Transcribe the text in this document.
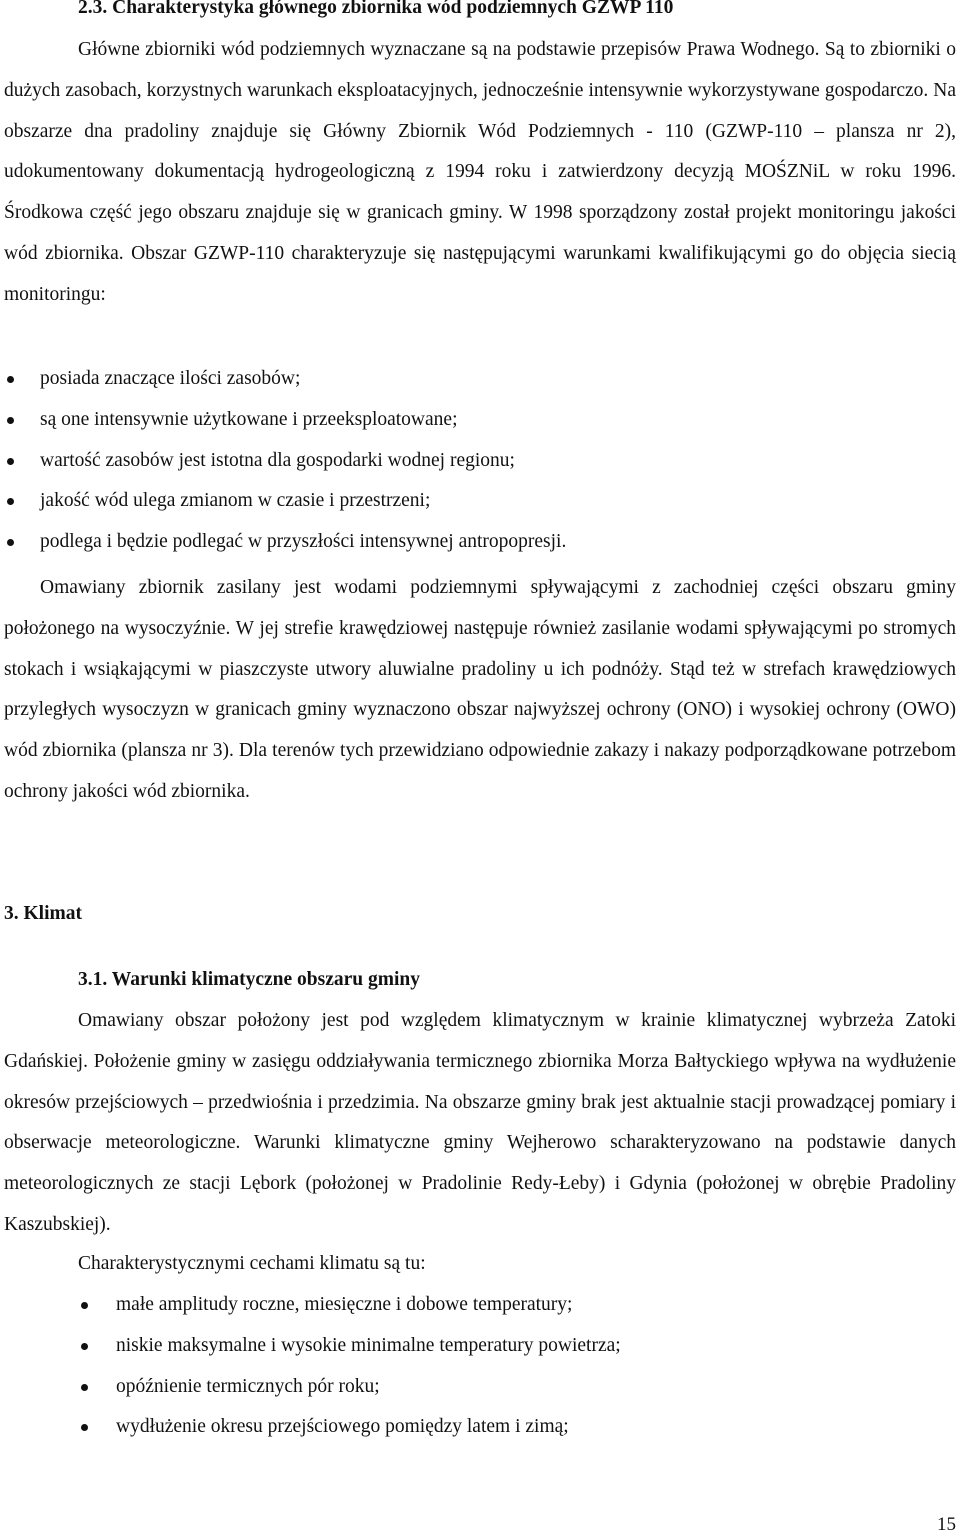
2.3. Charakterystyka głównego zbiornika wód podziemnych GZWP 110

Główne zbiorniki wód podziemnych wyznaczane są na podstawie przepisów Prawa Wodnego. Są to zbiorniki o dużych zasobach, korzystnych warunkach eksploatacyjnych, jednocześnie intensywnie wykorzystywane gospodarczo. Na obszarze dna pradoliny znajduje się Główny Zbiornik Wód Podziemnych - 110 (GZWP-110 – plansza nr 2), udokumentowany dokumentacją hydrogeologiczną z 1994 roku i zatwierdzony decyzją MOŚZNiL w roku 1996. Środkowa część jego obszaru znajduje się w granicach gminy. W 1998 sporządzony został projekt monitoringu jakości wód zbiornika. Obszar GZWP-110 charakteryzuje się następującymi warunkami kwalifikującymi go do objęcia siecią monitoringu:

posiada znaczące ilości zasobów;
są one intensywnie użytkowane i przeeksploatowane;
wartość zasobów jest istotna dla gospodarki wodnej regionu;
jakość wód ulega zmianom w czasie i przestrzeni;
podlega i będzie podlegać w przyszłości intensywnej antropopresji.

Omawiany zbiornik zasilany jest wodami podziemnymi spływającymi z zachodniej części obszaru gminy położonego na wysoczyźnie. W jej strefie krawędziowej następuje również zasilanie wodami spływającymi po stromych stokach i wsiąkającymi w piaszczyste utwory aluwialne pradoliny u ich podnóży. Stąd też w strefach krawędziowych przyległych wysoczyzn w granicach gminy wyznaczono obszar najwyższej ochrony (ONO) i wysokiej ochrony (OWO) wód zbiornika (plansza nr 3). Dla terenów tych przewidziano odpowiednie zakazy i nakazy podporządkowane potrzebom ochrony jakości wód zbiornika.

3. Klimat
3.1. Warunki klimatyczne obszaru gminy

Omawiany obszar położony jest pod względem klimatycznym w krainie klimatycznej wybrzeża Zatoki Gdańskiej. Położenie gminy w zasięgu oddziaływania termicznego zbiornika Morza Bałtyckiego wpływa na wydłużenie okresów przejściowych – przedwiośnia i przedzimia. Na obszarze gminy brak jest aktualnie stacji prowadzącej pomiary i obserwacje meteorologiczne. Warunki klimatyczne gminy Wejherowo scharakteryzowano na podstawie danych meteorologicznych ze stacji Lębork (położonej w Pradolinie Redy-Łeby) i Gdynia (położonej w obrębie Pradoliny Kaszubskiej).

Charakterystycznymi cechami klimatu są tu:

małe amplitudy roczne, miesięczne i dobowe temperatury;
niskie maksymalne i wysokie minimalne temperatury powietrza;
opóźnienie termicznych pór roku;
wydłużenie okresu przejściowego pomiędzy latem i zimą;

15
